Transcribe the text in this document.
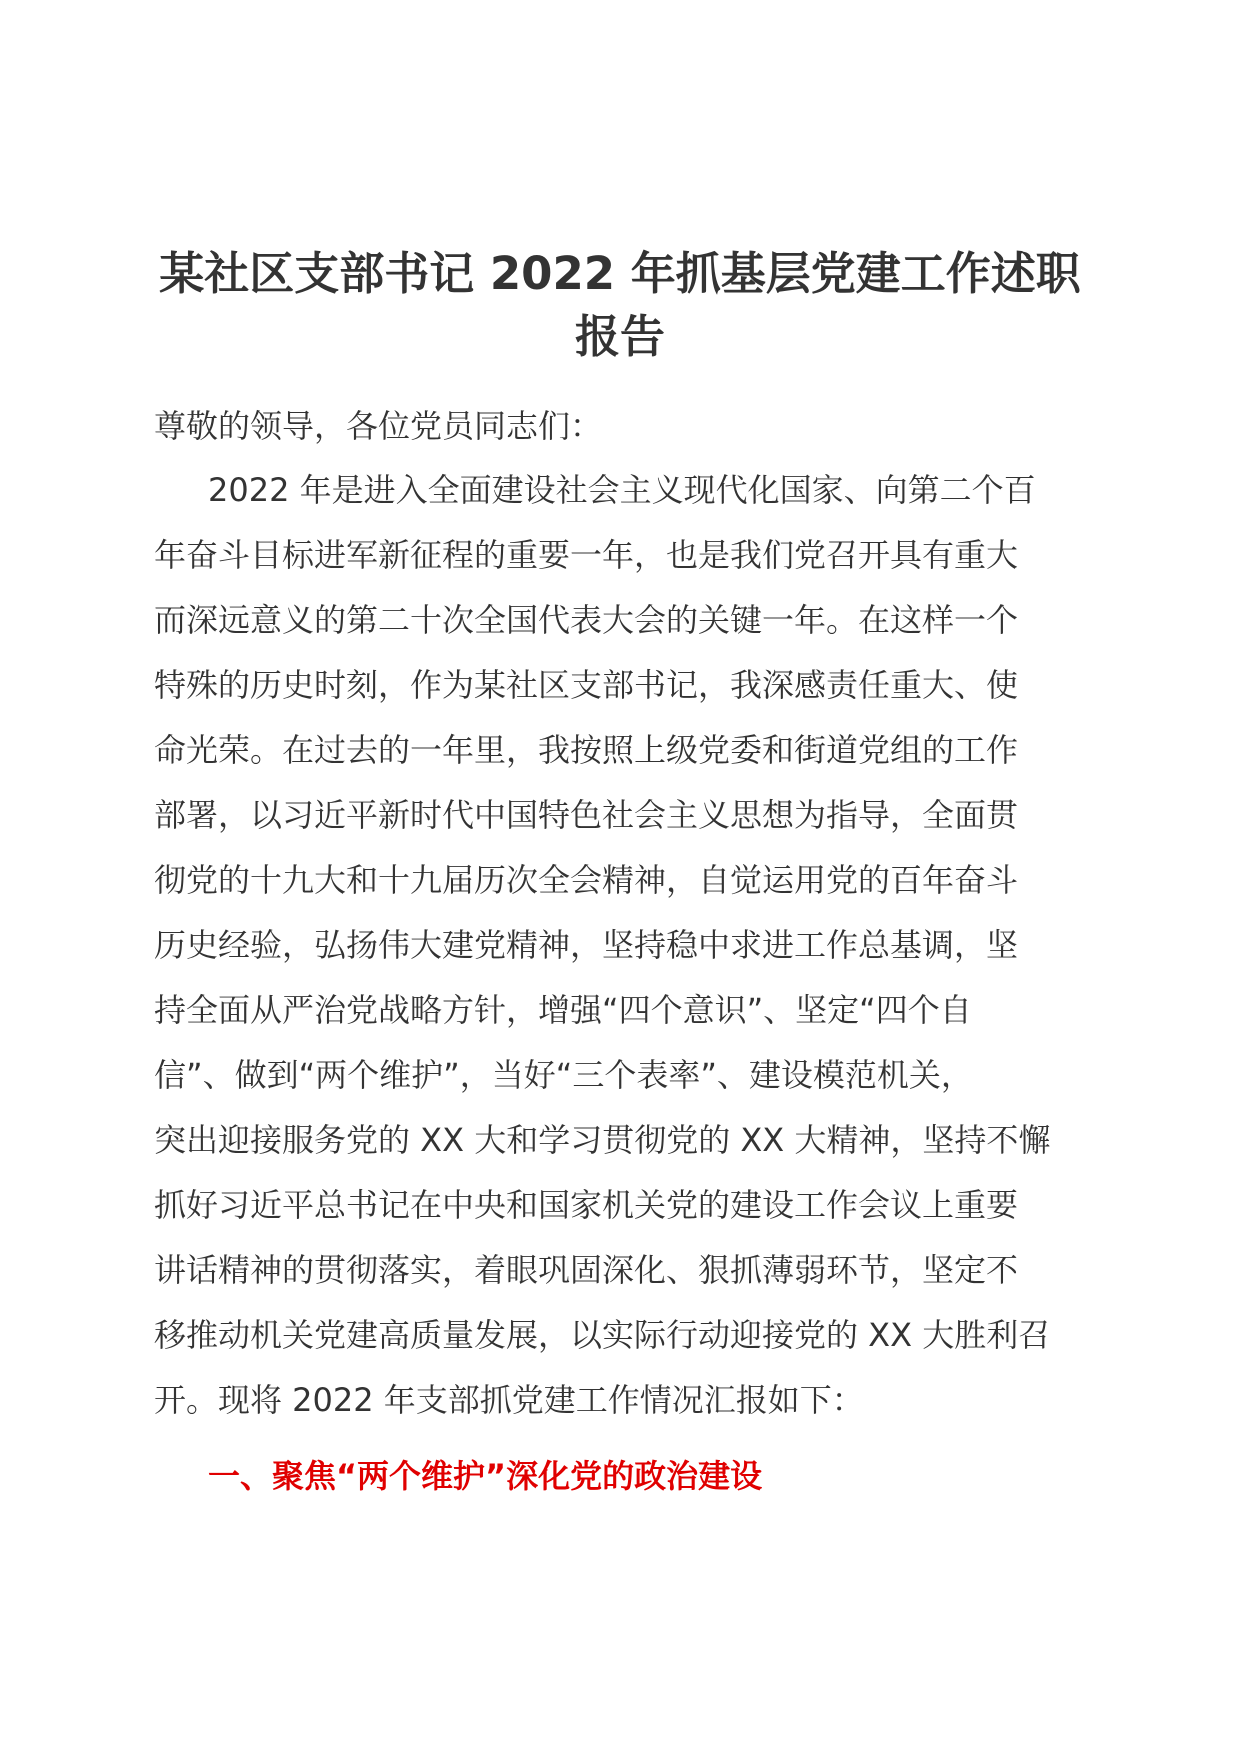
某社区支部书记 2022 年抓基层党建工作述职
报告

尊敬的领导，各位党员同志们：

2022 年是进入全面建设社会主义现代化国家、向第二个百
年奋斗目标进军新征程的重要一年，也是我们党召开具有重大
而深远意义的第二十次全国代表大会的关键一年。在这样一个
特殊的历史时刻，作为某社区支部书记，我深感责任重大、使
命光荣。在过去的一年里，我按照上级党委和街道党组的工作
部署，以习近平新时代中国特色社会主义思想为指导，全面贯
彻党的十九大和十九届历次全会精神，自觉运用党的百年奋斗
历史经验，弘扬伟大建党精神，坚持稳中求进工作总基调，坚
持全面从严治党战略方针，增强“四个意识”、坚定“四个自
信”、做到“两个维护”，当好“三个表率”、建设模范机关，
突出迎接服务党的 XX 大和学习贯彻党的 XX 大精神，坚持不懈
抓好习近平总书记在中央和国家机关党的建设工作会议上重要
讲话精神的贯彻落实，着眼巩固深化、狠抓薄弱环节，坚定不
移推动机关党建高质量发展，以实际行动迎接党的 XX 大胜利召
开。现将 2022 年支部抓党建工作情况汇报如下：
一、聚焦“两个维护”深化党的政治建设
